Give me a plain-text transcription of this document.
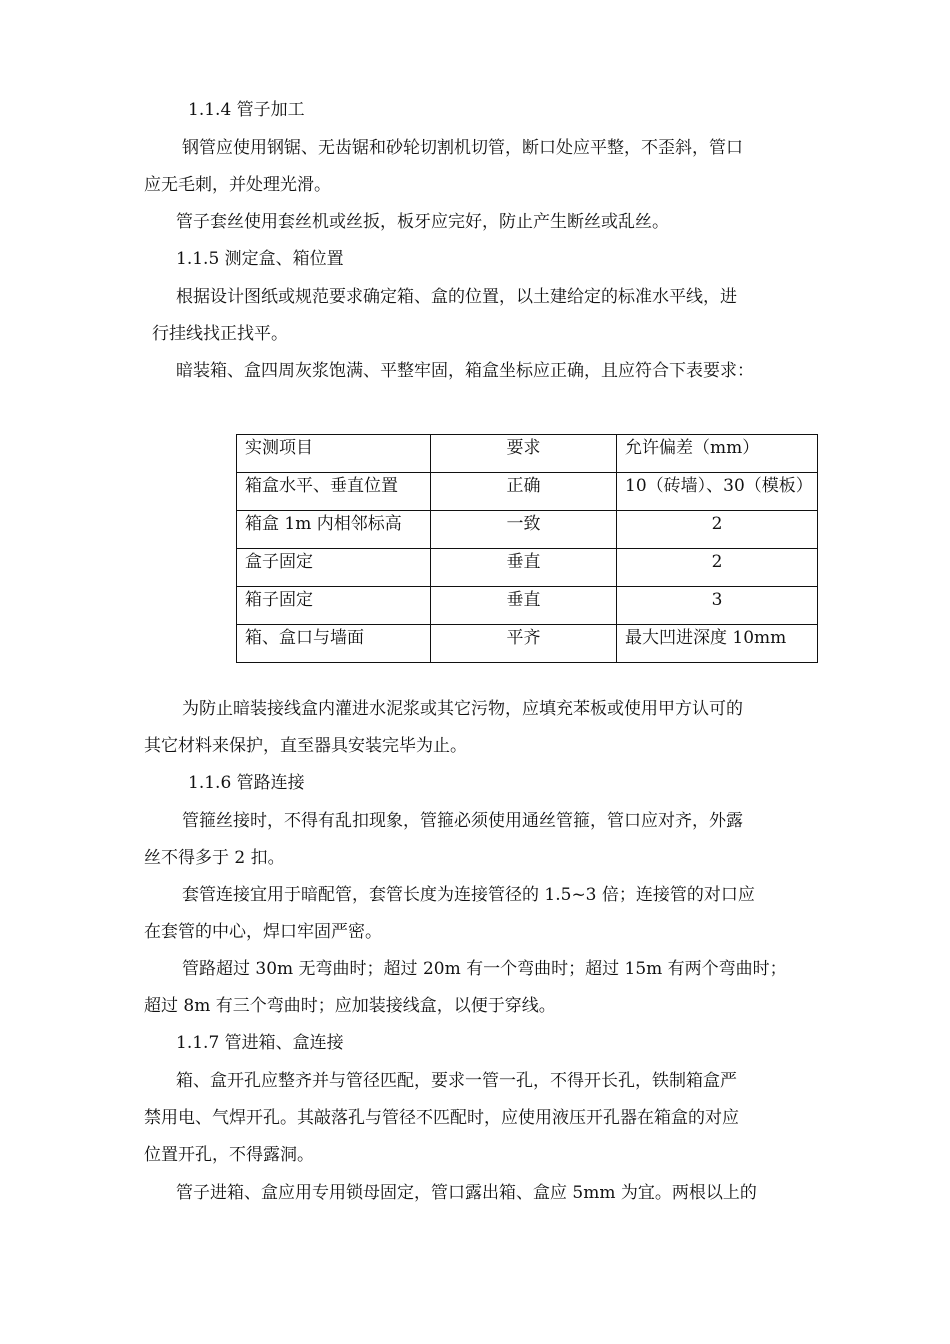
1.1.4 管子加工
钢管应使用钢锯、无齿锯和砂轮切割机切管，断口处应平整，不歪斜，管口
应无毛刺，并处理光滑。
管子套丝使用套丝机或丝扳，板牙应完好，防止产生断丝或乱丝。
1.1.5 测定盒、箱位置
根据设计图纸或规范要求确定箱、盒的位置，以土建给定的标准水平线，进
行挂线找正找平。
暗装箱、盒四周灰浆饱满、平整牢固，箱盒坐标应正确，且应符合下表要求：
实测项目	要求	允许偏差（mm）
箱盒水平、垂直位置	正确	10（砖墙）、30（模板）
箱盒 1m 内相邻标高	一致	2
盒子固定	垂直	2
箱子固定	垂直	3
箱、盒口与墙面	平齐	最大凹进深度 10mm
为防止暗装接线盒内灌进水泥浆或其它污物，应填充苯板或使用甲方认可的
其它材料来保护，直至器具安装完毕为止。
1.1.6 管路连接
管箍丝接时，不得有乱扣现象，管箍必须使用通丝管箍，管口应对齐，外露
丝不得多于 2 扣。
套管连接宜用于暗配管，套管长度为连接管径的 1.5~3 倍；连接管的对口应
在套管的中心，焊口牢固严密。
管路超过 30m 无弯曲时；超过 20m 有一个弯曲时；超过 15m 有两个弯曲时；
超过 8m 有三个弯曲时；应加装接线盒，以便于穿线。
1.1.7 管进箱、盒连接
箱、盒开孔应整齐并与管径匹配，要求一管一孔，不得开长孔，铁制箱盒严
禁用电、气焊开孔。其敲落孔与管径不匹配时，应使用液压开孔器在箱盒的对应
位置开孔，不得露洞。
管子进箱、盒应用专用锁母固定，管口露出箱、盒应 5mm 为宜。两根以上的
